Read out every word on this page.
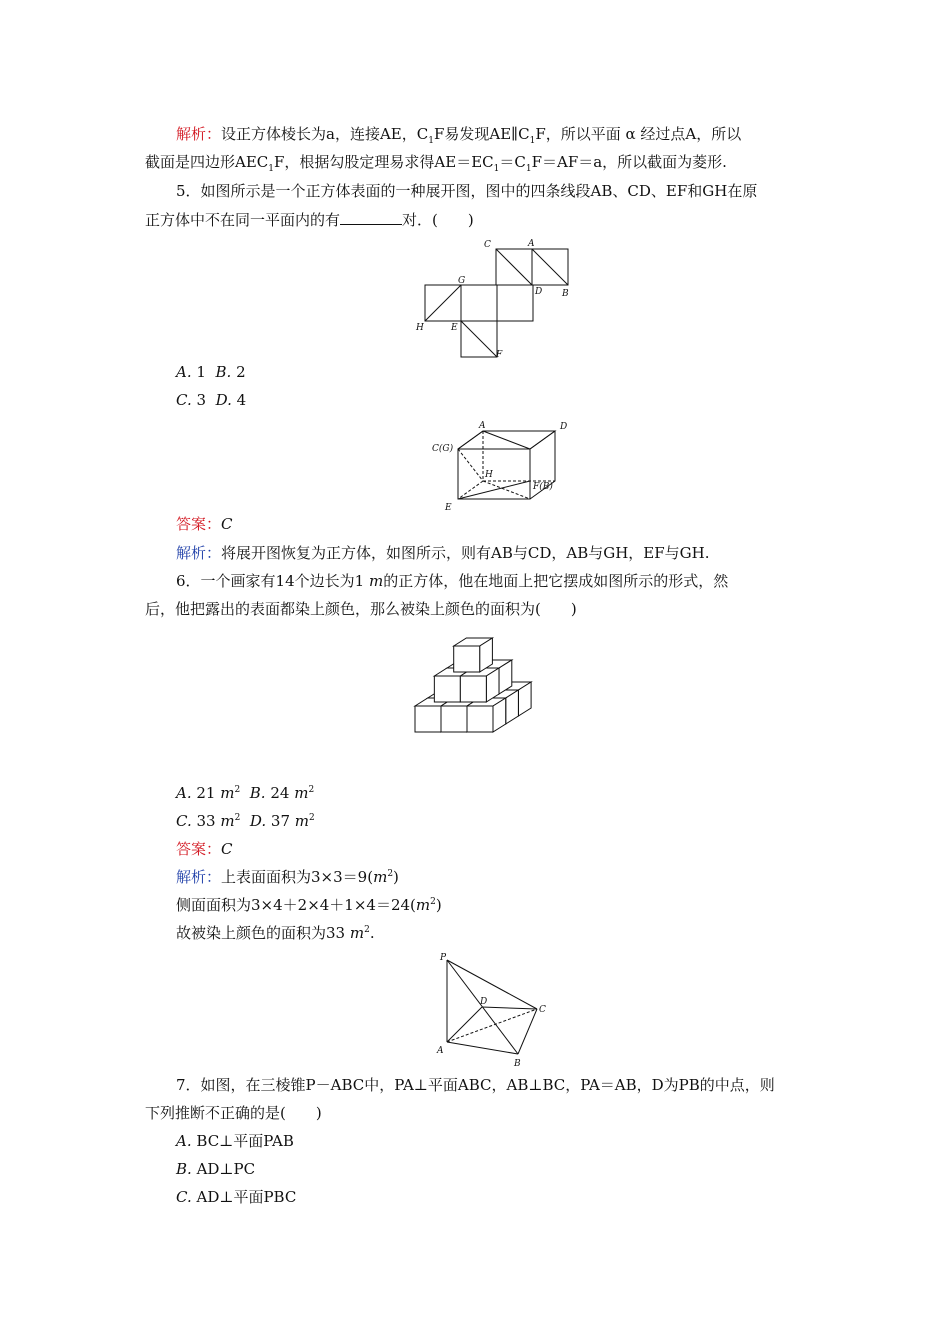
解析：设正方体棱长为a，连接AE，$C_1F$易发现$AE\parallel C_1F$，所以平面 α 经过点A，所以
截面是四边形$AEC_1F$，根据勾股定理易求得$AE=EC_1=C_1F=AF=a$，所以截面为菱形.
5．如图所示是一个正方体表面的一种展开图，图中的四条线段AB、CD、EF和GH在原
正方体中不在同一平面内的有	对．(　　)
C	A
G
D B
H	E
F
A. 1 B. 2
C. 3 D. 4
A	D
C(G)
H
F(B)
E
答案：C
解析：将展开图恢复为正方体，如图所示，则有AB与CD，AB与GH，EF与GH.
6．一个画家有14个边长为1 m的正方体，他在地面上把它摆成如图所示的形式，然
后，他把露出的表面都染上颜色，那么被染上颜色的面积为(　　)
A. 21 $m^2$ B. 24 $m^2$
C. 33 $m^2$ D. 37 $m^2$
答案：C
解析：上表面面积为$3\times 3=9(m^2)$
侧面面积为$3\times 4+2\times 4+1\times 4=24(m^2)$
故被染上颜色的面积为33 $m^2$.
P
D
C
A
B
7．如图，在三棱锥P－ABC中，PA⊥平面ABC，AB⊥BC，PA＝AB，D为PB的中点，则
下列推断不正确的是(　　)
A. BC⊥平面PAB
B. AD⊥PC
C. AD⊥平面PBC
